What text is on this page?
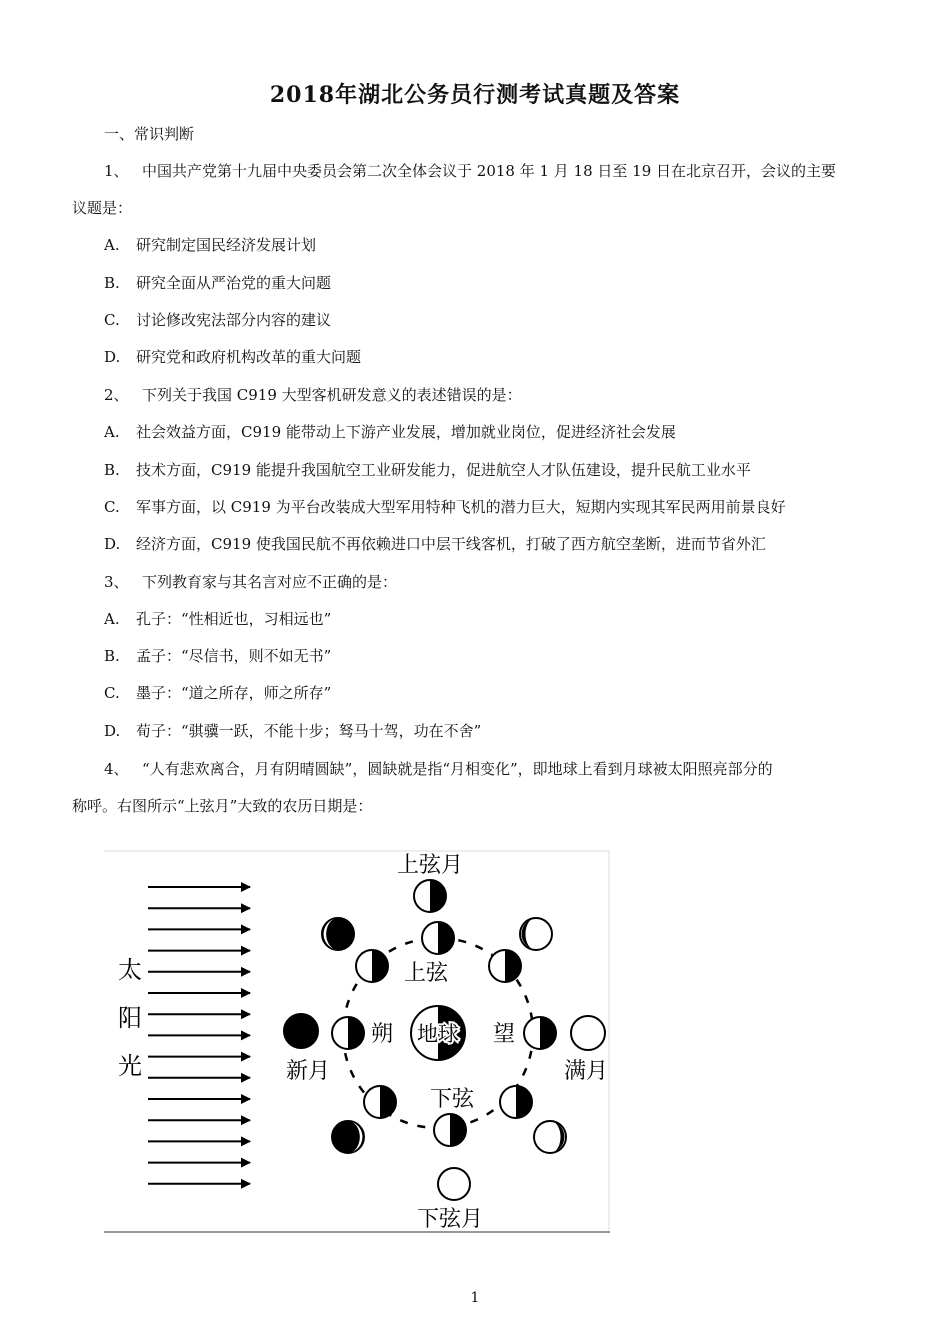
2018年湖北公务员行测考试真题及答案
一、常识判断
1、 中国共产党第十九届中央委员会第二次全体会议于 2018 年 1 月 18 日至 19 日在北京召开，会议的主要
议题是：
A. 研究制定国民经济发展计划
B. 研究全面从严治党的重大问题
C. 讨论修改宪法部分内容的建议
D. 研究党和政府机构改革的重大问题
2、 下列关于我国 C919 大型客机研发意义的表述错误的是：
A. 社会效益方面，C919 能带动上下游产业发展，增加就业岗位，促进经济社会发展
B. 技术方面，C919 能提升我国航空工业研发能力，促进航空人才队伍建设，提升民航工业水平
C. 军事方面，以 C919 为平台改装成大型军用特种飞机的潜力巨大，短期内实现其军民两用前景良好
D. 经济方面，C919 使我国民航不再依赖进口中层干线客机，打破了西方航空垄断，进而节省外汇
3、 下列教育家与其名言对应不正确的是：
A. 孔子：“性相近也，习相远也”
B. 孟子：“尽信书，则不如无书”
C. 墨子：“道之所存，师之所存”
D. 荀子：“骐骥一跃，不能十步；驽马十驾，功在不舍”
4、 “人有悲欢离合，月有阴晴圆缺”，圆缺就是指“月相变化”，即地球上看到月球被太阳照亮部分的
称呼。右图所示“上弦月”大致的农历日期是：
太
阳
光
地球
上弦
朔	望
下弦
上弦月
新月	满月
下弦月
1
